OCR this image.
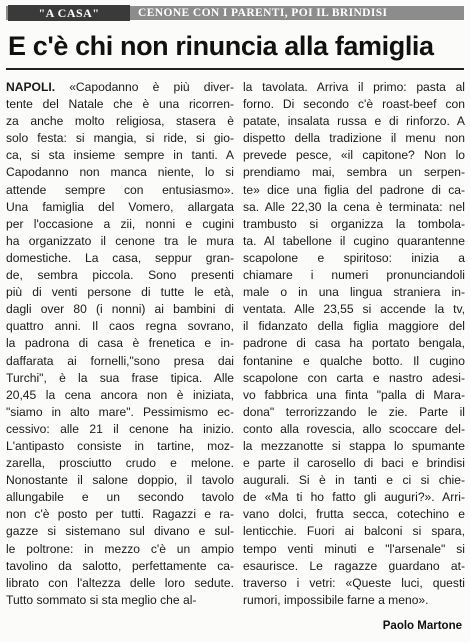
"A CASA"	CENONE CON I PARENTI, POI IL BRINDISI
E c'è chi non rinuncia alla famiglia
NAPOLI. «Capodanno è più diver-
tente del Natale che è una ricorren-
za anche molto religiosa, stasera è
solo festa: si mangia, si ride, si gio-
ca, si sta insieme sempre in tanti. A
Capodanno non manca niente, lo si
attende sempre con entusiasmo».
Una famiglia del Vomero, allargata
per l'occasione a zii, nonni e cugini
ha organizzato il cenone tra le mura
domestiche. La casa, seppur gran-
de, sembra piccola. Sono presenti
più di venti persone di tutte le età,
dagli over 80 (i nonni) ai bambini di
quattro anni. Il caos regna sovrano,
la padrona di casa è frenetica e in-
daffarata ai fornelli,"sono presa dai
Turchi", è la sua frase tipica. Alle
20,45 la cena ancora non è iniziata,
"siamo in alto mare". Pessimismo ec-
cessivo: alle 21 il cenone ha inizio.
L'antipasto consiste in tartine, moz-
zarella, prosciutto crudo e melone.
Nonostante il salone doppio, il tavolo
allungabile e un secondo tavolo
non c'è posto per tutti. Ragazzi e ra-
gazze si sistemano sul divano e sul-
le poltrone: in mezzo c'è un ampio
tavolino da salotto, perfettamente ca-
librato con l'altezza delle loro sedute.
Tutto sommato si sta meglio che al-
la tavolata. Arriva il primo: pasta al
forno. Di secondo c'è roast-beef con
patate, insalata russa e di rinforzo. A
dispetto della tradizione il menu non
prevede pesce, «il capitone? Non lo
prendiamo mai, sembra un serpen-
te» dice una figlia del padrone di ca-
sa. Alle 22,30 la cena è terminata: nel
trambusto si organizza la tombola-
ta. Al tabellone il cugino quarantenne
scapolone e spiritoso: inizia a
chiamare i numeri pronunciandoli
male o in una lingua straniera in-
ventata. Alle 23,55 si accende la tv,
il fidanzato della figlia maggiore del
padrone di casa ha portato bengala,
fontanine e qualche botto. Il cugino
scapolone con carta e nastro adesi-
vo fabbrica una finta "palla di Mara-
dona" terrorizzando le zie. Parte il
conto alla rovescia, allo scoccare del-
la mezzanotte si stappa lo spumante
e parte il carosello di baci e brindisi
augurali. Si è in tanti e ci si chie-
de «Ma ti ho fatto gli auguri?». Arri-
vano dolci, frutta secca, cotechino e
lenticchie. Fuori ai balconi si spara,
tempo venti minuti e "l'arsenale" si
esaurisce. Le ragazze guardano at-
traverso i vetri: «Queste luci, questi
rumori, impossibile farne a meno».
Paolo Martone
